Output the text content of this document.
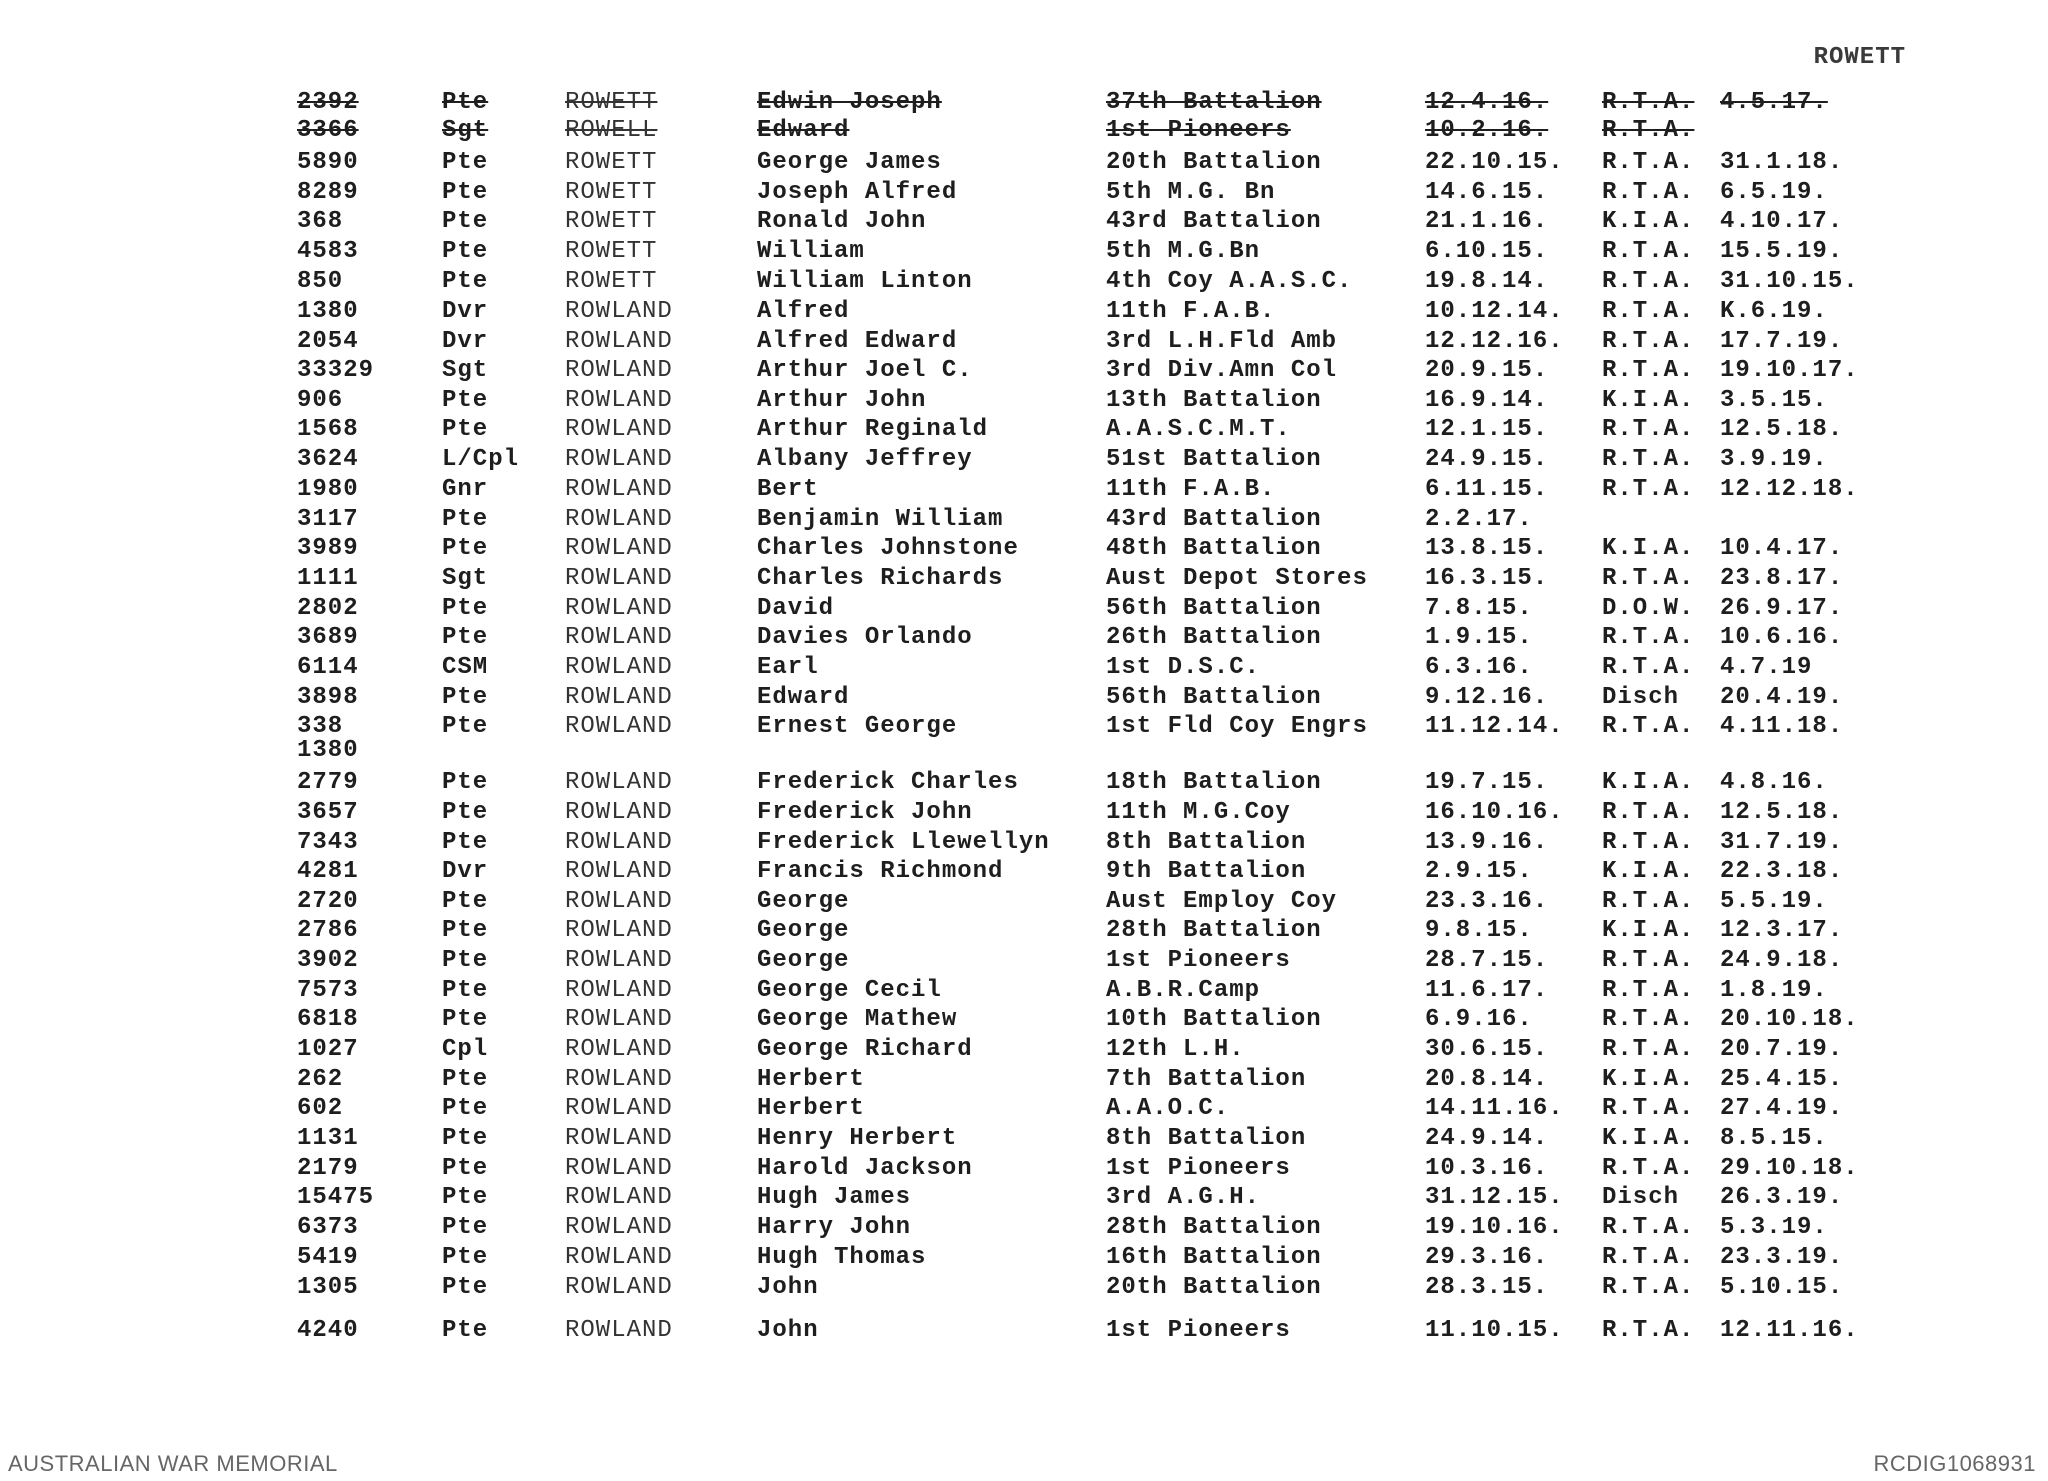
ROWETT
2392	Pte	ROWETT	Edwin Joseph	37th Battalion	12.4.16. R.T.A. 4.5.17.
3366	Sgt	ROWELL	Edward	1st Pioneers	10.2.16. R.T.A.
5890	Pte	ROWETT	George James	20th Battalion	22.10.15. R.T.A. 31.1.18.
8289	Pte	ROWETT	Joseph Alfred	5th M.G. Bn	14.6.15. R.T.A. 6.5.19.
368	Pte	ROWETT	Ronald John	43rd Battalion	21.1.16. K.I.A. 4.10.17.
4583	Pte	ROWETT	William	5th M.G.Bn	6.10.15. R.T.A. 15.5.19.
850	Pte	ROWETT	William Linton	4th Coy A.A.S.C.	19.8.14. R.T.A. 31.10.15.
1380	Dvr	ROWLAND	Alfred	11th F.A.B.	10.12.14. R.T.A. K.6.19.
2054	Dvr	ROWLAND	Alfred Edward	3rd L.H.Fld Amb	12.12.16. R.T.A. 17.7.19.
33329	Sgt	ROWLAND	Arthur Joel C.	3rd Div.Amn Col	20.9.15. R.T.A. 19.10.17.
906	Pte	ROWLAND	Arthur John	13th Battalion	16.9.14. K.I.A. 3.5.15.
1568	Pte	ROWLAND	Arthur Reginald	A.A.S.C.M.T.	12.1.15. R.T.A. 12.5.18.
3624	L/Cpl ROWLAND	Albany Jeffrey	51st Battalion	24.9.15. R.T.A. 3.9.19.
1980	Gnr	ROWLAND	Bert	11th F.A.B.	6.11.15. R.T.A. 12.12.18.
3117	Pte	ROWLAND	Benjamin William	43rd Battalion	2.2.17.
3989	Pte	ROWLAND	Charles Johnstone	48th Battalion	13.8.15. K.I.A. 10.4.17.
1111	Sgt	ROWLAND	Charles Richards	Aust Depot Stores 16.3.15. R.T.A. 23.8.17.
2802	Pte	ROWLAND	David	56th Battalion	7.8.15.	D.O.W. 26.9.17.
3689	Pte	ROWLAND	Davies Orlando	26th Battalion	1.9.15.	R.T.A. 10.6.16.
6114	CSM	ROWLAND	Earl	1st D.S.C.	6.3.16.	R.T.A. 4.7.19
3898	Pte	ROWLAND	Edward	56th Battalion	9.12.16. Disch 20.4.19.
338	Pte	ROWLAND	Ernest George	1st Fld Coy Engrs 11.12.14. R.T.A. 4.11.18.
2779	Pte	ROWLAND	Frederick Charles	18th Battalion	19.7.15. K.I.A. 4.8.16.
3657	Pte	ROWLAND	Frederick John	11th M.G.Coy	16.10.16. R.T.A. 12.5.18.
7343	Pte	ROWLAND	Frederick Llewellyn 8th Battalion	13.9.16. R.T.A. 31.7.19.
4281	Dvr	ROWLAND	Francis Richmond	9th Battalion	2.9.15.	K.I.A. 22.3.18.
2720	Pte	ROWLAND	George	Aust Employ Coy	23.3.16. R.T.A. 5.5.19.
2786	Pte	ROWLAND	George	28th Battalion	9.8.15.	K.I.A. 12.3.17.
3902	Pte	ROWLAND	George	1st Pioneers	28.7.15. R.T.A. 24.9.18.
7573	Pte	ROWLAND	George Cecil	A.B.R.Camp	11.6.17. R.T.A. 1.8.19.
6818	Pte	ROWLAND	George Mathew	10th Battalion	6.9.16.	R.T.A. 20.10.18.
1027	Cpl	ROWLAND	George Richard	12th L.H.	30.6.15. R.T.A. 20.7.19.
262	Pte	ROWLAND	Herbert	7th Battalion	20.8.14. K.I.A. 25.4.15.
602	Pte	ROWLAND	Herbert	A.A.O.C.	14.11.16. R.T.A. 27.4.19.
1131	Pte	ROWLAND	Henry Herbert	8th Battalion	24.9.14. K.I.A. 8.5.15.
2179	Pte	ROWLAND	Harold Jackson	1st Pioneers	10.3.16. R.T.A. 29.10.18.
15475	Pte	ROWLAND	Hugh James	3rd A.G.H.	31.12.15. Disch 26.3.19.
6373	Pte	ROWLAND	Harry John	28th Battalion	19.10.16. R.T.A. 5.3.19.
5419	Pte	ROWLAND	Hugh Thomas	16th Battalion	29.3.16. R.T.A. 23.3.19.
1305	Pte	ROWLAND	John	20th Battalion	28.3.15. R.T.A. 5.10.15.
4240	Pte	ROWLAND	John	1st Pioneers	11.10.15. R.T.A. 12.11.16.
1380
AUSTRALIAN WAR MEMORIAL	RCDIG1068931
